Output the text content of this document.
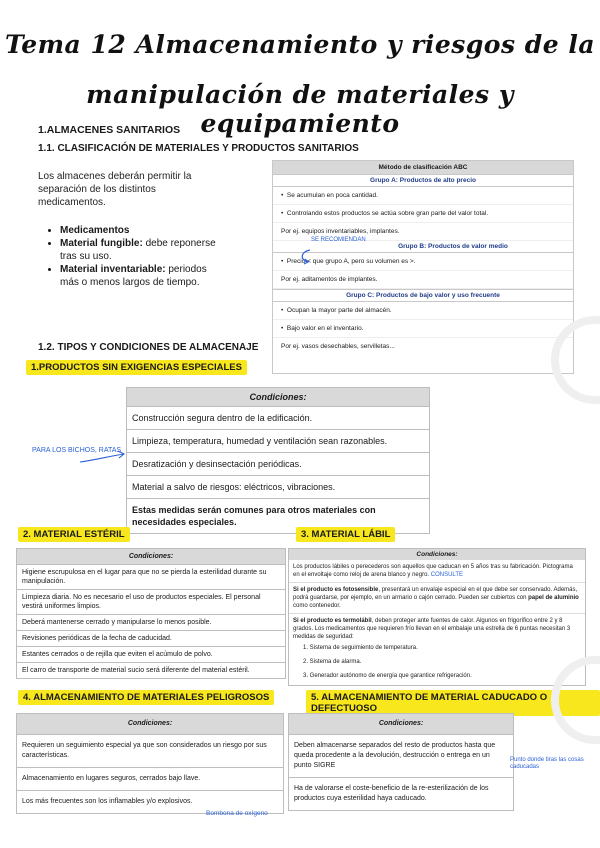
Tema 12 Almacenamiento y riesgos de la
manipulación de materiales y equipamiento
1.ALMACENES SANITARIOS
1.1. CLASIFICACIÓN DE MATERIALES Y PRODUCTOS SANITARIOS
Los almacenes deberán permitir la separación de los distintos medicamentos.
• Medicamentos
• Material fungible: debe reponerse tras su uso.
• Material inventariable: periodos más o menos largos de tiempo.
Método de clasificación ABC
Grupo A: Productos de alto precio
•  Se acumulan en poca cantidad.
•  Controlando estos productos se actúa sobre gran parte del valor total.
Por ej. equipos inventariables, implantes.
SE RECOMIENDAN
Grupo B: Productos de valor medio
•  Precio < que grupo A, pero su volumen es >.
Por ej. aditamentos de implantes.
Grupo C: Productos de bajo valor y uso frecuente
•  Ocupan la mayor parte del almacén.
•  Bajo valor en el inventario.
Por ej. vasos desechables, servilletas...
1.2. TIPOS Y CONDICIONES DE ALMACENAJE
1.PRODUCTOS SIN EXIGENCIAS ESPECIALES
Condiciones:
Construcción segura dentro de la edificación.
Limpieza, temperatura, humedad y ventilación sean razonables.
Desratización y desinsectación periódicas.
Material a salvo de riesgos: eléctricos, vibraciones.
Estas medidas serán comunes para otros materiales con necesidades especiales.
PARA LOS BICHOS, RATAS
2. MATERIAL ESTÉRIL
Condiciones:
Higiene escrupulosa en el lugar para que no se pierda la esterilidad durante su manipulación.
Limpieza diaria. No es necesario el uso de productos especiales. El personal vestirá uniformes limpios.
Deberá mantenerse cerrado y manipularse lo menos posible.
Revisiones periódicas de la fecha de caducidad.
Estantes cerrados o de rejilla que eviten el acúmulo de polvo.
El carro de transporte de material sucio será diferente del material estéril.
3. MATERIAL LÁBIL
Condiciones:
Los productos lábiles o perecederos son aquellos que caducan en 5 años tras su fabricación. Pictograma en el envoltaje como reloj de arena blanco y negro. CONSULTE
Si el producto es fotosensible, presentará un envalaje especial en el que debe ser conservado. Además, podrá guardarse, por ejemplo, en un armario o cajón cerrado. Pueden ser cubiertos con papel de aluminio como contenedor.
Si el producto es termolábil, deben proteger ante fuentes de calor. Algunos en frigorífico entre 2 y 8 grados. Los medicamentos que requieren frío llevan en el embalaje una estrella de 6 puntas necesitan 3 medidas de seguridad:
1. Sistema de seguimiento de temperatura.
2. Sistema de alarma.
3. Generador autónomo de energía que garantice refrigeración.
4. ALMACENAMIENTO DE MATERIALES PELIGROSOS
Condiciones:
Requieren un seguimiento especial ya que son considerados un riesgo por sus características.
Almacenamiento en lugares seguros, cerrados bajo llave.
Los más frecuentes son los inflamables y/o explosivos.
Bombona de oxígeno
5. ALMACENAMIENTO DE MATERIAL CADUCADO O DEFECTUOSO
Condiciones:
Deben almacenarse separados del resto de productos hasta que queda procedente a la devolución, destrucción o entrega en un punto SIGRE
Ha de valorarse el coste-beneficio de la re-esterilización de los productos cuya esterilidad haya caducado.
Punto donde tiras las cosas caducadas
